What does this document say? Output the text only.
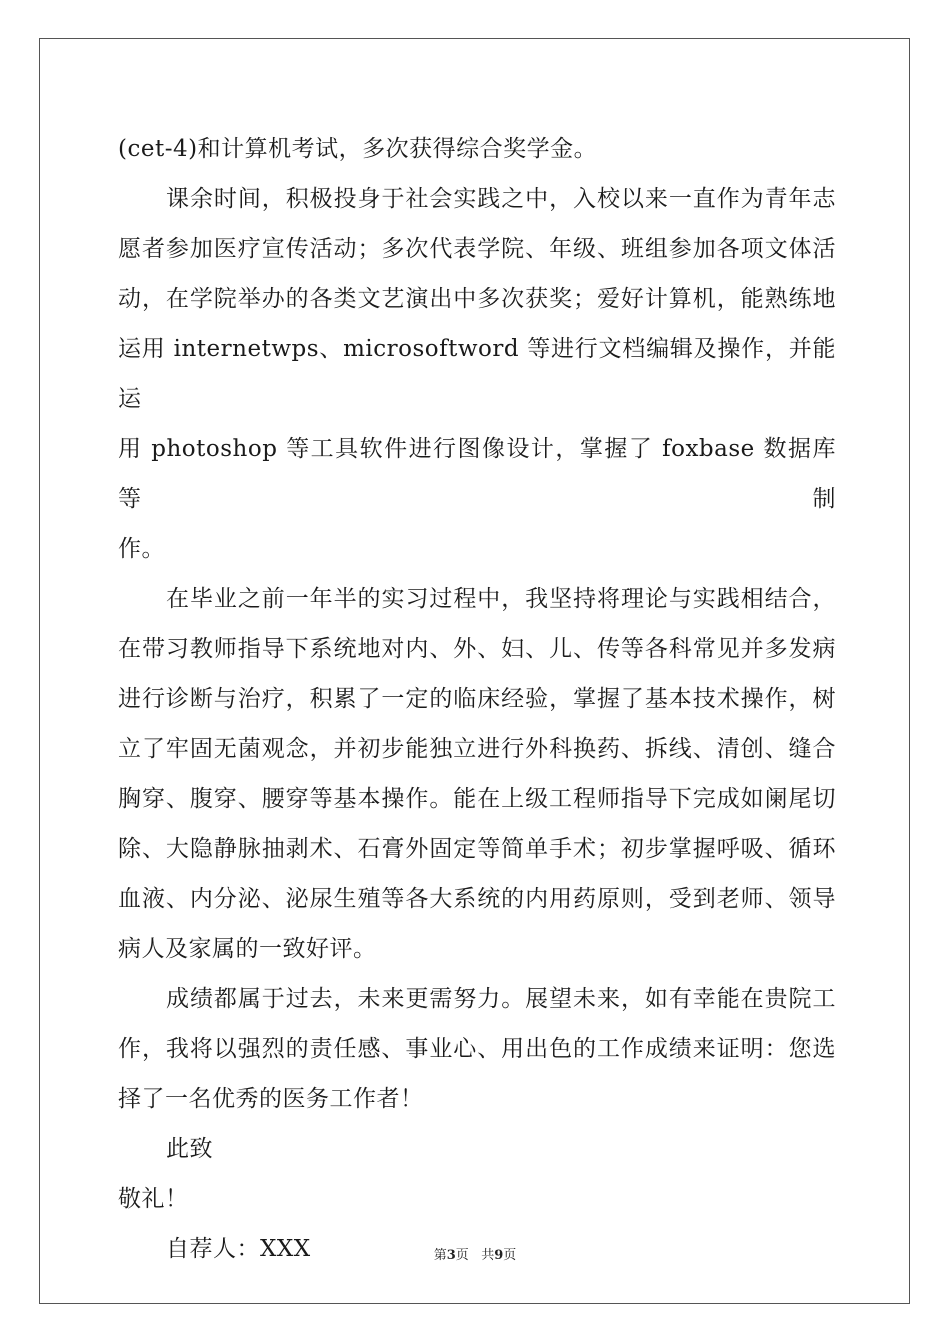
(cet-4)和计算机考试，多次获得综合奖学金。

课余时间，积极投身于社会实践之中，入校以来一直作为青年志
愿者参加医疗宣传活动；多次代表学院、年级、班组参加各项文体活
动，在学院举办的各类文艺演出中多次获奖；爱好计算机，能熟练地
运用 internetwps、microsoftword 等进行文档编辑及操作，并能运
用 photoshop 等工具软件进行图像设计，掌握了 foxbase 数据库等制
作。

在毕业之前一年半的实习过程中，我坚持将理论与实践相结合，
在带习教师指导下系统地对内、外、妇、儿、传等各科常见并多发病
进行诊断与治疗，积累了一定的临床经验，掌握了基本技术操作，树
立了牢固无菌观念，并初步能独立进行外科换药、拆线、清创、缝合
胸穿、腹穿、腰穿等基本操作。能在上级工程师指导下完成如阑尾切
除、大隐静脉抽剥术、石膏外固定等简单手术；初步掌握呼吸、循环
血液、内分泌、泌尿生殖等各大系统的内用药原则，受到老师、领导
病人及家属的一致好评。

成绩都属于过去，未来更需努力。展望未来，如有幸能在贵院工
作，我将以强烈的责任感、事业心、用出色的工作成绩来证明：您选
择了一名优秀的医务工作者！

此致

敬礼！

自荐人：XXX	第3页 共9页
